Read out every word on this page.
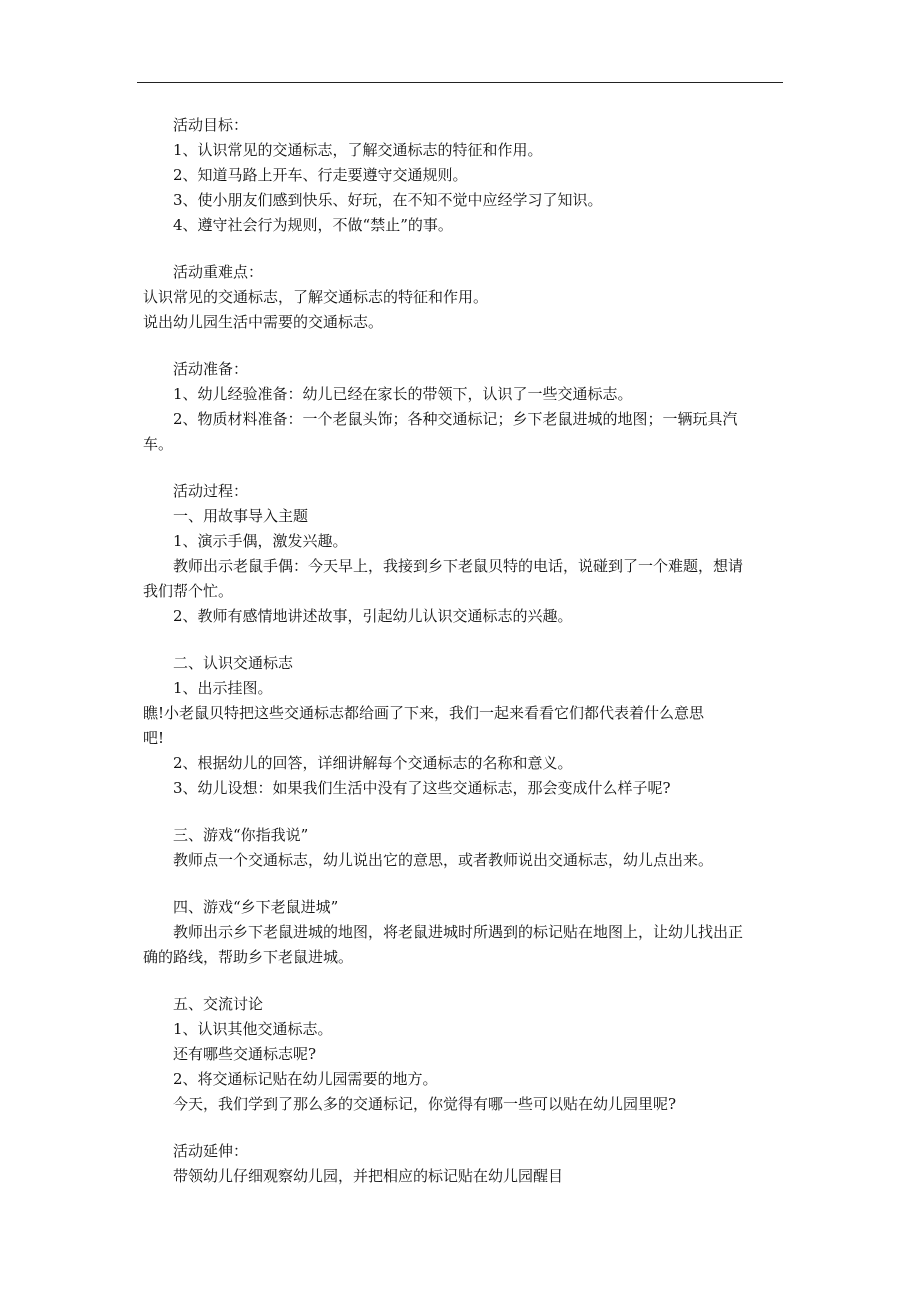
活动目标：
1、认识常见的交通标志，了解交通标志的特征和作用。
2、知道马路上开车、行走要遵守交通规则。
3、使小朋友们感到快乐、好玩，在不知不觉中应经学习了知识。
4、遵守社会行为规则，不做“禁止”的事。
活动重难点：
认识常见的交通标志，了解交通标志的特征和作用。
说出幼儿园生活中需要的交通标志。
活动准备：
1、幼儿经验准备：幼儿已经在家长的带领下，认识了一些交通标志。
2、物质材料准备：一个老鼠头饰；各种交通标记；乡下老鼠进城的地图；一辆玩具汽
车。
活动过程：
一、用故事导入主题
1、演示手偶，激发兴趣。
教师出示老鼠手偶：今天早上，我接到乡下老鼠贝特的电话，说碰到了一个难题，想请
我们帮个忙。
2、教师有感情地讲述故事，引起幼儿认识交通标志的兴趣。
二、认识交通标志
1、出示挂图。
瞧!小老鼠贝特把这些交通标志都给画了下来，我们一起来看看它们都代表着什么意思
吧!
2、根据幼儿的回答，详细讲解每个交通标志的名称和意义。
3、幼儿设想：如果我们生活中没有了这些交通标志，那会变成什么样子呢?
三、游戏“你指我说”
教师点一个交通标志，幼儿说出它的意思，或者教师说出交通标志，幼儿点出来。
四、游戏“乡下老鼠进城”
教师出示乡下老鼠进城的地图，将老鼠进城时所遇到的标记贴在地图上，让幼儿找出正
确的路线，帮助乡下老鼠进城。
五、交流讨论
1、认识其他交通标志。
还有哪些交通标志呢?
2、将交通标记贴在幼儿园需要的地方。
今天，我们学到了那么多的交通标记，你觉得有哪一些可以贴在幼儿园里呢?
活动延伸：
带领幼儿仔细观察幼儿园，并把相应的标记贴在幼儿园醒目
